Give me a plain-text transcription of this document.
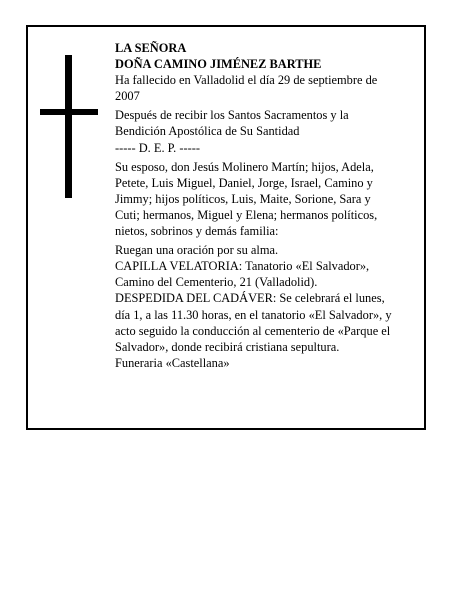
LA SEÑORA
DOÑA CAMINO JIMÉNEZ BARTHE
Ha fallecido en Valladolid el día 29 de septiembre de
2007
Después de recibir los Santos Sacramentos y la
Bendición Apostólica de Su Santidad
----- D. E. P. -----
Su esposo, don Jesús Molinero Martín; hijos, Adela,
Petete, Luis Miguel, Daniel, Jorge, Israel, Camino y
Jimmy; hijos políticos, Luis, Maite, Sorione, Sara y
Cuti; hermanos, Miguel y Elena; hermanos políticos,
nietos, sobrinos y demás familia:
Ruegan una oración por su alma.
CAPILLA VELATORIA: Tanatorio «El Salvador»,
Camino del Cementerio, 21 (Valladolid).
DESPEDIDA DEL CADÁVER: Se celebrará el lunes,
día 1, a las 11.30 horas, en el tanatorio «El Salvador», y
acto seguido la conducción al cementerio de «Parque el
Salvador», donde recibirá cristiana sepultura.
Funeraria «Castellana»
